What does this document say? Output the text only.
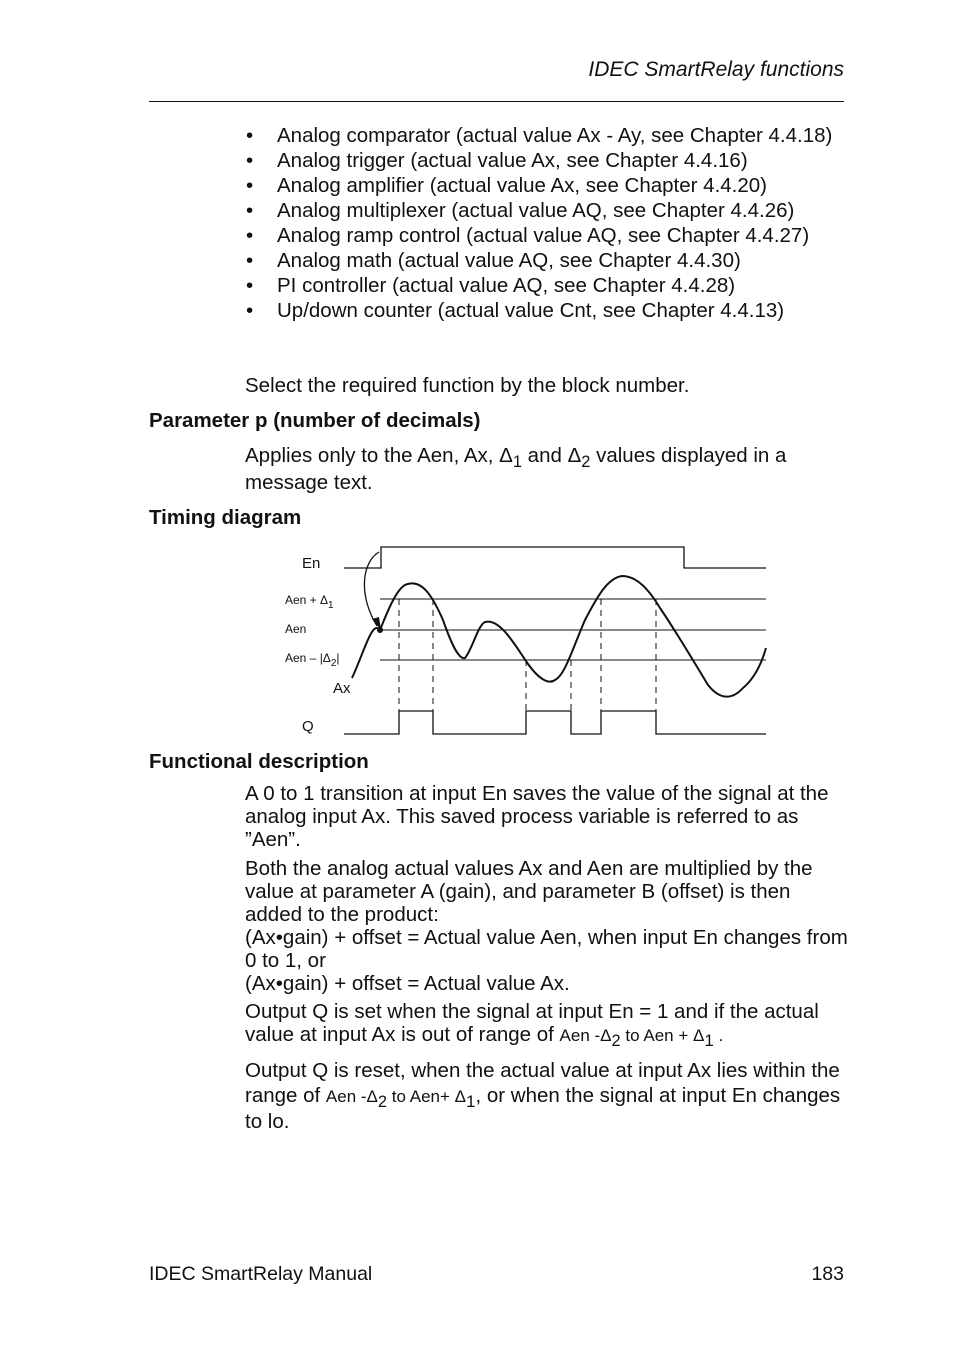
IDEC SmartRelay functions
• Analog comparator (actual value Ax - Ay, see Chapter 4.4.18)
• Analog trigger (actual value Ax, see Chapter 4.4.16)
• Analog amplifier (actual value Ax, see Chapter 4.4.20)
• Analog multiplexer (actual value AQ, see Chapter 4.4.26)
• Analog ramp control (actual value AQ, see Chapter 4.4.27)
• Analog math (actual value AQ, see Chapter 4.4.30)
• PI controller (actual value AQ, see Chapter 4.4.28)
• Up/down counter (actual value Cnt, see Chapter 4.4.13)
Select the required function by the block number.
Parameter p (number of decimals)

Applies only to the Aen, Ax, $\Delta_1$ and $\Delta_2$ values displayed in a message text.

Timing diagram
En
Aen + $\Delta_1$
Aen
Aen – $|\Delta_2|$
Ax
Q
Functional description

A 0 to 1 transition at input En saves the value of the signal at the analog input Ax. This saved process variable is referred to as ”Aen”.

Both the analog actual values Ax and Aen are multiplied by the value at parameter A (gain), and parameter B (offset) is then added to the product:
(Ax•gain) + offset = Actual value Aen, when input En changes from 0 to 1, or
(Ax•gain) + offset = Actual value Ax.

Output Q is set when the signal at input En = 1 and if the actual value at input Ax is out of range of Aen $-\Delta_2$ to Aen + $\Delta_1$ .

Output Q is reset, when the actual value at input Ax lies within the range of Aen $-\Delta_2$ to $Aen+ \Delta_1$, or when the signal at input En changes to lo.

IDEC SmartRelay Manual	183
